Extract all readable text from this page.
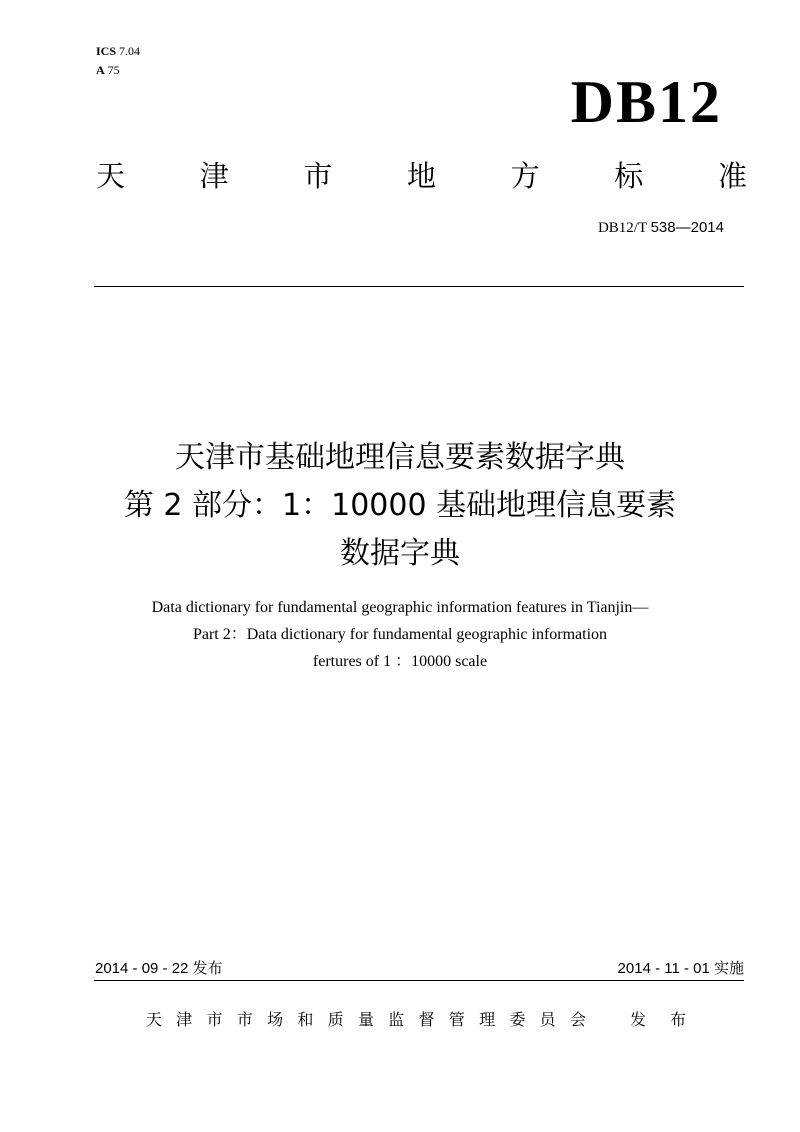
ICS 7.04
A 75	DB12
天	津	市	地	方	标	准
DB12/T 538—2014
天津市基础地理信息要素数据字典
第 2 部分：1：10000 基础地理信息要素
数据字典
Data dictionary for fundamental geographic information features in Tianjin—
Part 2：Data dictionary for fundamental geographic information
fertures of 1 ：10000 scale
2014 - 09 - 22 发布	2014 - 11 - 01 实施
天 津 市 市 场 和 质 量 监 督 管 理 委 员 会	发 布
